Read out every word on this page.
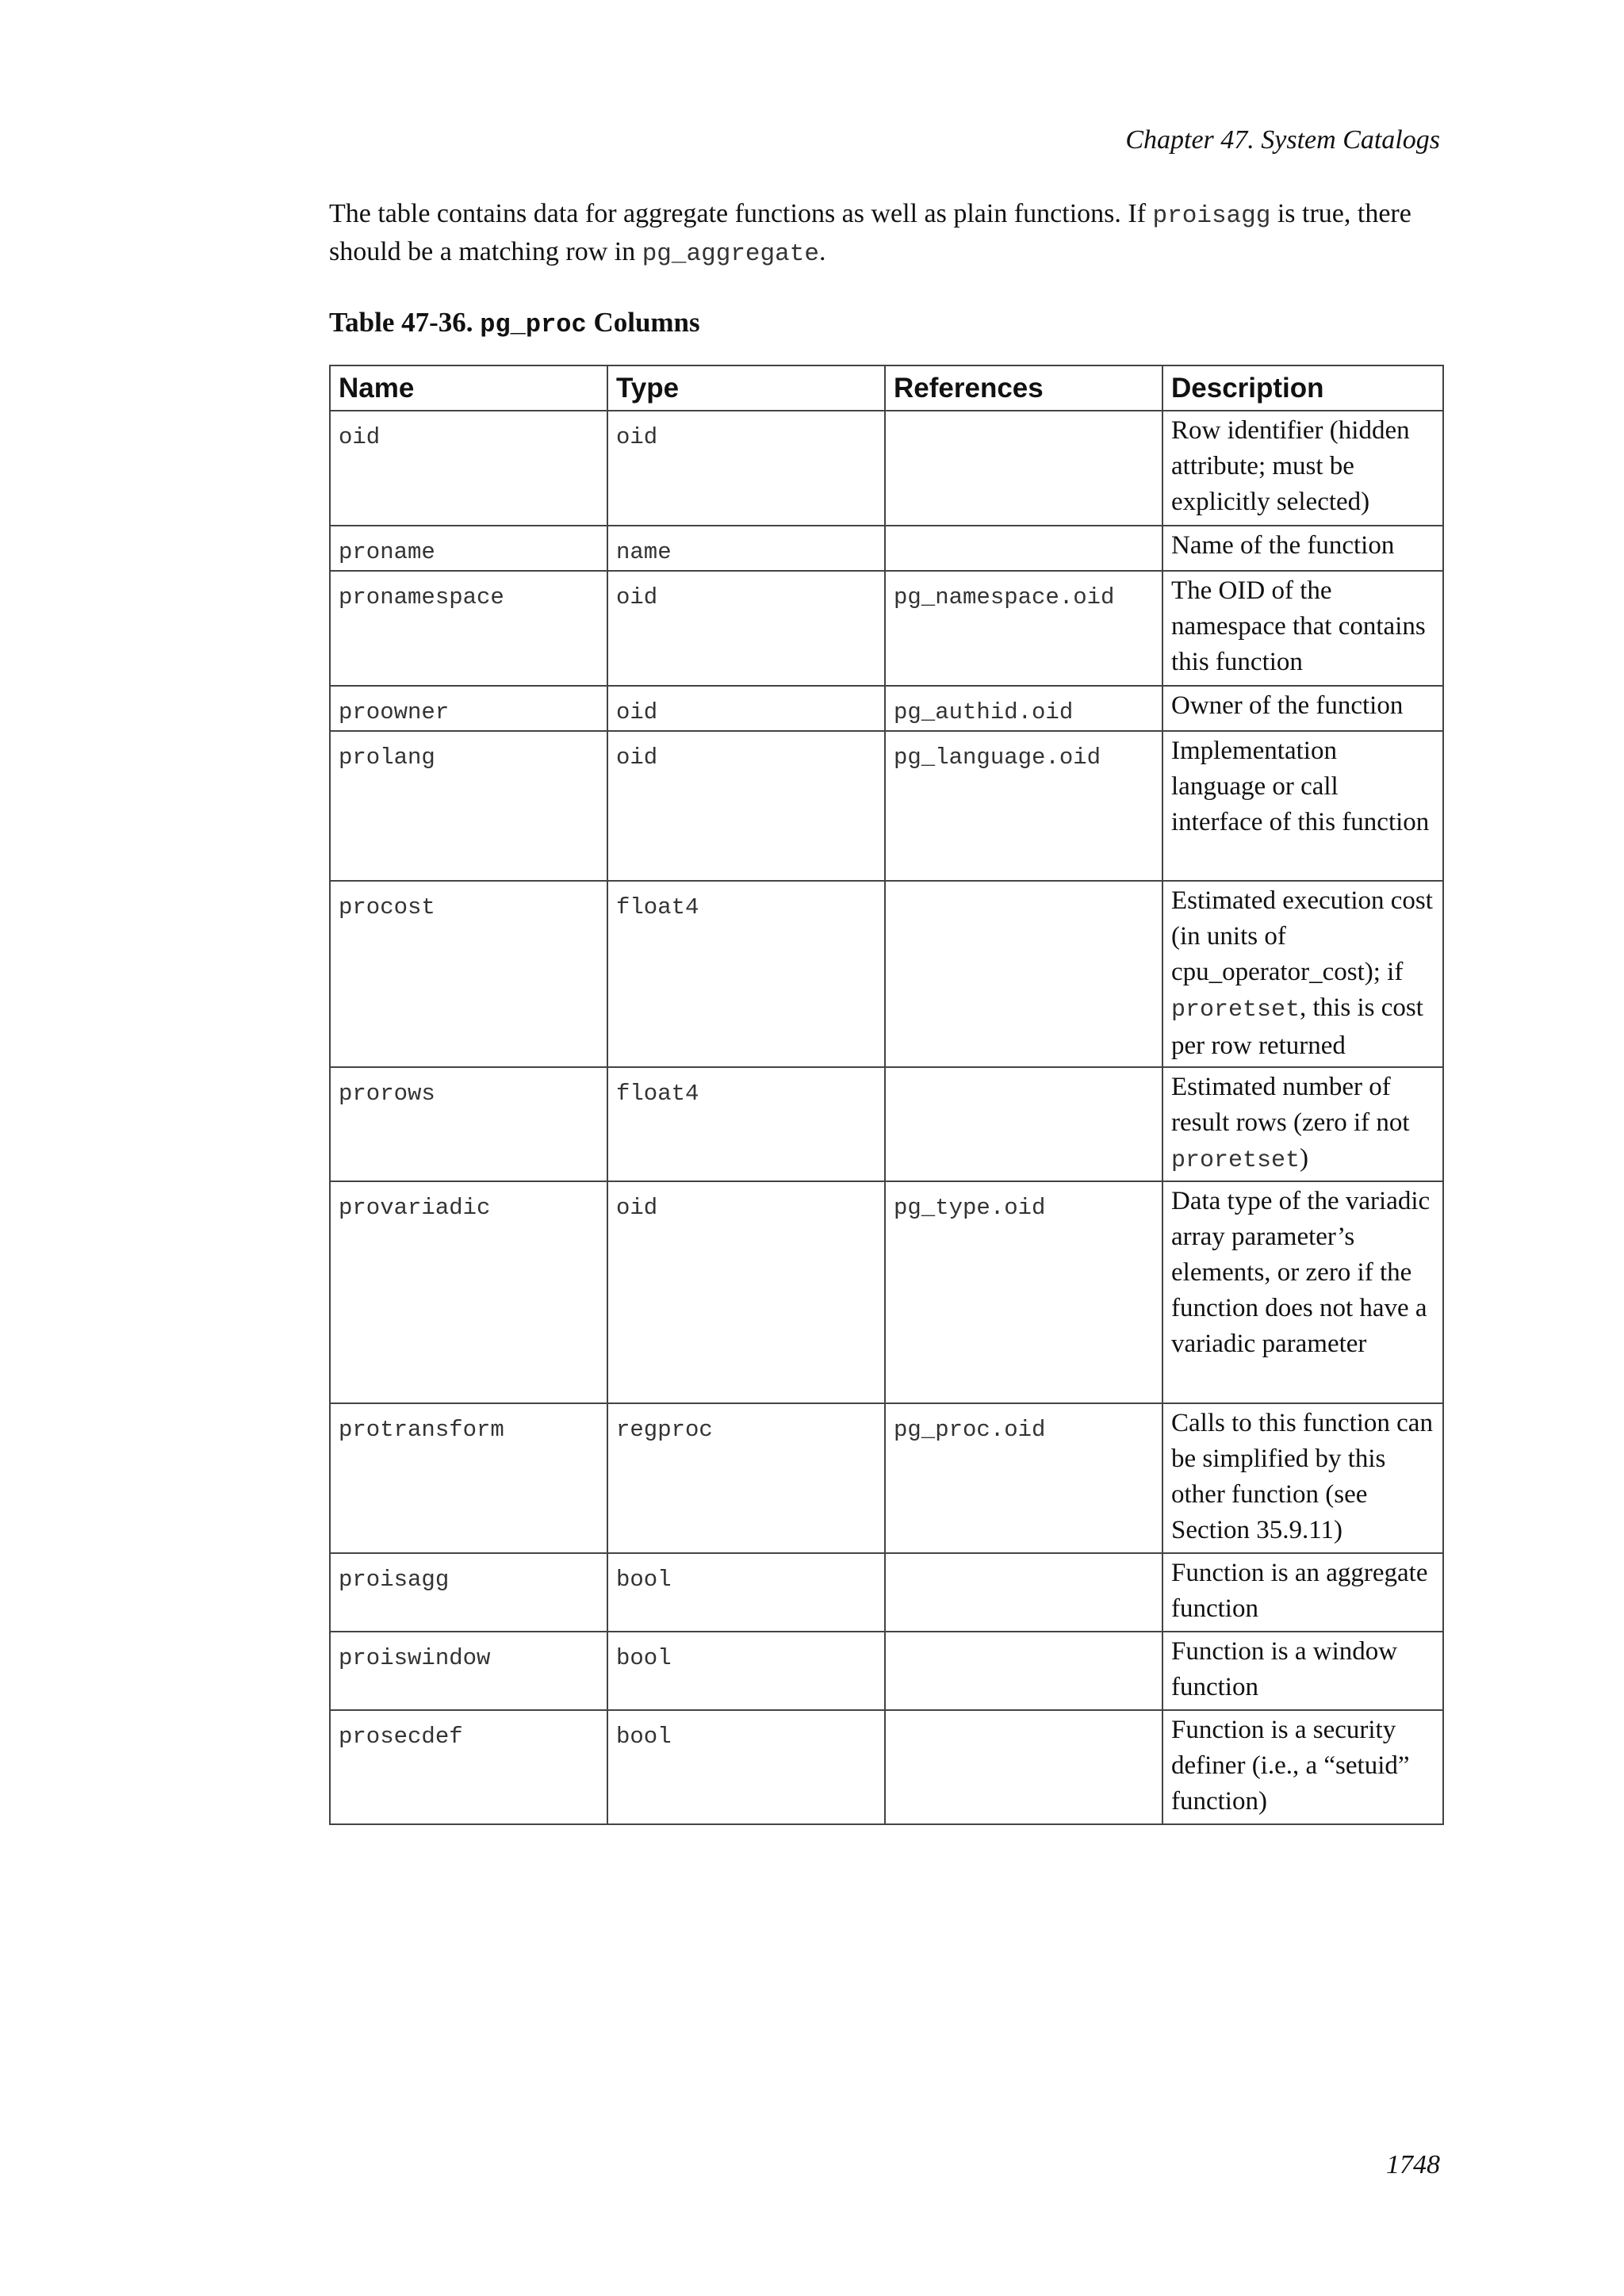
Chapter 47. System Catalogs

The table contains data for aggregate functions as well as plain functions. If proisagg is true, there should be a matching row in pg_aggregate.

Table 47-36. pg_proc Columns
Name	Type	References	Description
oid	oid		Row identifier (hidden attribute; must be explicitly selected)
proname	name		Name of the function
pronamespace	oid	pg_namespace.oid	The OID of the namespace that contains this function
proowner	oid	pg_authid.oid	Owner of the function
prolang	oid	pg_language.oid	Implementation language or call interface of this function
procost	float4		Estimated execution cost (in units of cpu_operator_cost); if proretset, this is cost per row returned
prorows	float4		Estimated number of result rows (zero if not proretset)
provariadic	oid	pg_type.oid	Data type of the variadic array parameter’s elements, or zero if the function does not have a variadic parameter
protransform	regproc	pg_proc.oid	Calls to this function can be simplified by this other function (see Section 35.9.11)
proisagg	bool		Function is an aggregate function
proiswindow	bool		Function is a window function
prosecdef	bool		Function is a security definer (i.e., a “setuid” function)
1748
